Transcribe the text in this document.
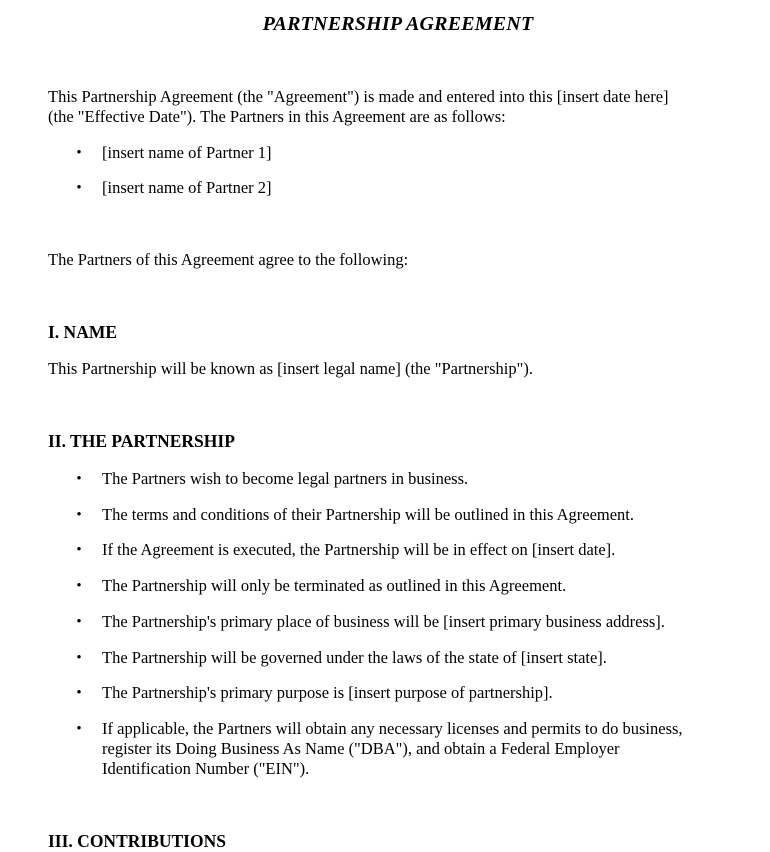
PARTNERSHIP AGREEMENT

This Partnership Agreement (the "Agreement") is made and entered into this [insert date here]
(the "Effective Date"). The Partners in this Agreement are as follows:

• [insert name of Partner 1]
• [insert name of Partner 2]

The Partners of this Agreement agree to the following:

I. NAME

This Partnership will be known as [insert legal name] (the "Partnership").

II. THE PARTNERSHIP
• The Partners wish to become legal partners in business.
• The terms and conditions of their Partnership will be outlined in this Agreement.
• If the Agreement is executed, the Partnership will be in effect on [insert date].
• The Partnership will only be terminated as outlined in this Agreement.
• The Partnership's primary place of business will be [insert primary business address].
• The Partnership will be governed under the laws of the state of [insert state].
• The Partnership's primary purpose is [insert purpose of partnership].
• If applicable, the Partners will obtain any necessary licenses and permits to do business,
register its Doing Business As Name ("DBA"), and obtain a Federal Employer
Identification Number ("EIN").
III. CONTRIBUTIONS
